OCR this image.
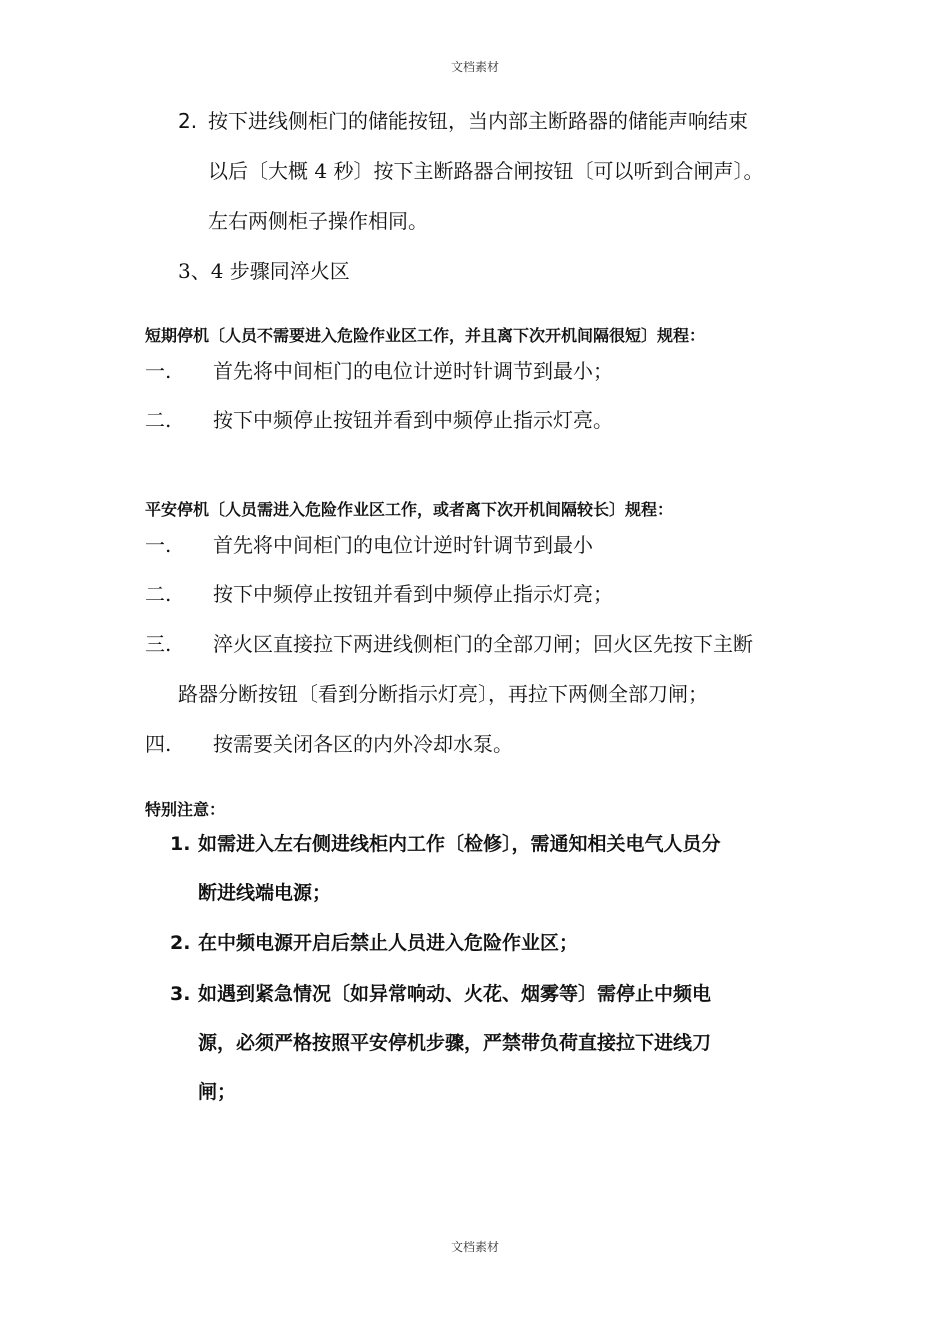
文档素材
2. 按下进线侧柜门的储能按钮，当内部主断路器的储能声响结束
以后〔大概 4 秒〕按下主断路器合闸按钮〔可以听到合闸声〕。
左右两侧柜子操作相同。
3、4 步骤同淬火区
短期停机〔人员不需要进入危险作业区工作，并且离下次开机间隔很短〕规程：
一. 首先将中间柜门的电位计逆时针调节到最小；
二. 按下中频停止按钮并看到中频停止指示灯亮。
平安停机〔人员需进入危险作业区工作，或者离下次开机间隔较长〕规程：
一. 首先将中间柜门的电位计逆时针调节到最小
二. 按下中频停止按钮并看到中频停止指示灯亮；
三. 淬火区直接拉下两进线侧柜门的全部刀闸；回火区先按下主断
路器分断按钮〔看到分断指示灯亮〕，再拉下两侧全部刀闸；
四. 按需要关闭各区的内外冷却水泵。
特别注意：
1. 如需进入左右侧进线柜内工作〔检修〕，需通知相关电气人员分
断进线端电源；
2. 在中频电源开启后禁止人员进入危险作业区；
3. 如遇到紧急情况〔如异常响动、火花、烟雾等〕需停止中频电
源，必须严格按照平安停机步骤，严禁带负荷直接拉下进线刀
闸；
文档素材
